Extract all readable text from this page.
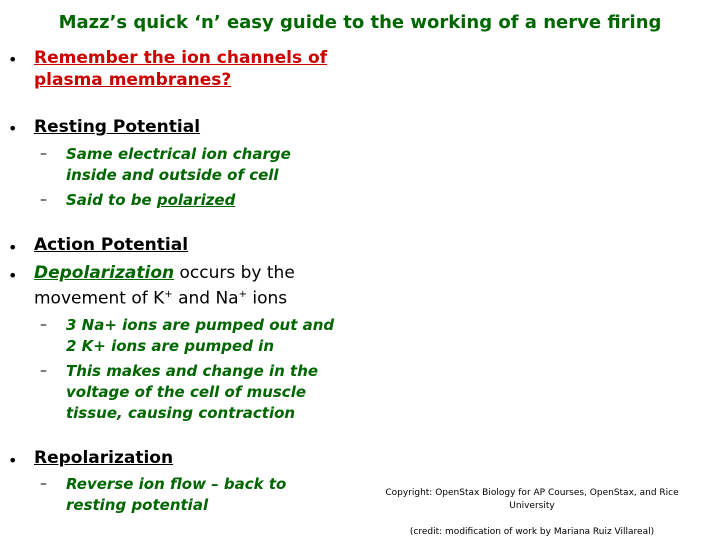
Mazz’s quick ‘n’ easy guide to the working of a nerve firing
• Remember the ion channels of

plasma membranes?

• Resting Potential

– Same electrical ion charge

inside and outside of cell

– Said to be polarized

• Action Potential

• Depolarization occurs by the

movement of K+ and Na+ ions

– 3 Na+ ions are pumped out and

2 K+ ions are pumped in

– This makes and change in the

voltage of the cell of muscle

tissue, causing contraction

• Repolarization

– Reverse ion flow – back to

resting potential

Copyright: OpenStax Biology for AP Courses, OpenStax, and Rice

University

(credit: modification of work by Mariana Ruiz Villareal)
